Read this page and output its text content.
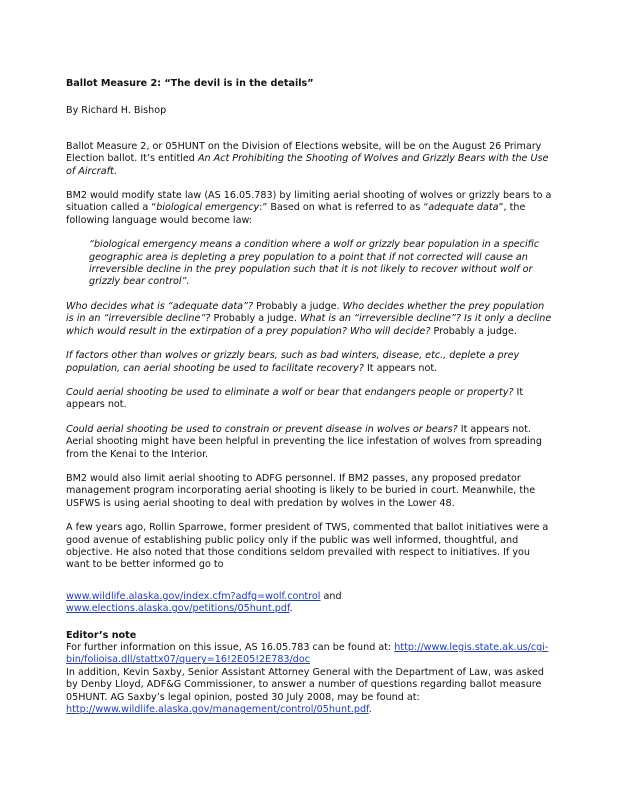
Ballot Measure 2: “The devil is in the details”

By Richard H. Bishop

Ballot Measure 2, or 05HUNT on the Division of Elections website, will be on the August 26 Primary Election ballot. It’s entitled An Act Prohibiting the Shooting of Wolves and Grizzly Bears with the Use of Aircraft.

BM2 would modify state law (AS 16.05.783) by limiting aerial shooting of wolves or grizzly bears to a situation called a “biological emergency:” Based on what is referred to as “adequate data”, the following language would become law:

“biological emergency means a condition where a wolf or grizzly bear population in a specific geographic area is depleting a prey population to a point that if not corrected will cause an irreversible decline in the prey population such that it is not likely to recover without wolf or grizzly bear control”.

Who decides what is “adequate data”? Probably a judge. Who decides whether the prey population is in an “irreversible decline”? Probably a judge. What is an “irreversible decline”? Is it only a decline which would result in the extirpation of a prey population? Who will decide? Probably a judge.

If factors other than wolves or grizzly bears, such as bad winters, disease, etc., deplete a prey population, can aerial shooting be used to facilitate recovery? It appears not.

Could aerial shooting be used to eliminate a wolf or bear that endangers people or property? It appears not.

Could aerial shooting be used to constrain or prevent disease in wolves or bears? It appears not. Aerial shooting might have been helpful in preventing the lice infestation of wolves from spreading from the Kenai to the Interior.

BM2 would also limit aerial shooting to ADFG personnel. If BM2 passes, any proposed predator management program incorporating aerial shooting is likely to be buried in court. Meanwhile, the USFWS is using aerial shooting to deal with predation by wolves in the Lower 48.

A few years ago, Rollin Sparrowe, former president of TWS, commented that ballot initiatives were a good avenue of establishing public policy only if the public was well informed, thoughtful, and objective. He also noted that those conditions seldom prevailed with respect to initiatives. If you want to be better informed go to

www.wildlife.alaska.gov/index.cfm?adfg=wolf.control and www.elections.alaska.gov/petitions/05hunt.pdf.

Editor’s note

For further information on this issue, AS 16.05.783 can be found at: http://www.legis.state.ak.us/cgi-bin/folioisa.dll/stattx07/query=16!2E05!2E783/doc

In addition, Kevin Saxby, Senior Assistant Attorney General with the Department of Law, was asked by Denby Lloyd, ADF&G Commissioner, to answer a number of questions regarding ballot measure 05HUNT. AG Saxby’s legal opinion, posted 30 July 2008, may be found at:
http://www.wildlife.alaska.gov/management/control/05hunt.pdf.
